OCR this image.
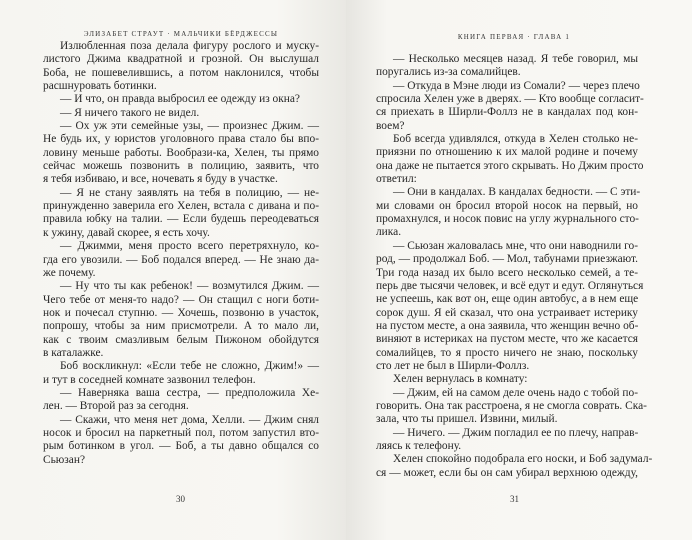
ЭЛИЗАБЕТ СТРАУТ · МАЛЬЧИКИ БЁРДЖЕССЫ
Излюбленная поза делала фигуру рослого и муску-
листого Джима квадратной и грозной. Он выслушал
Боба, не пошевелившись, а потом наклонился, чтобы
расшнуровать ботинки.
— И что, он правда выбросил ее одежду из окна?
— Я ничего такого не видел.
— Ох уж эти семейные узы, — произнес Джим. —
Не будь их, у юристов уголовного права стало бы впо-
ловину меньше работы. Вообрази-ка, Хелен, ты прямо
сейчас можешь позвонить в полицию, заявить, что
я тебя избиваю, и все, ночевать я буду в участке.
— Я не стану заявлять на тебя в полицию, — не-
принужденно заверила его Хелен, встала с дивана и по-
правила юбку на талии. — Если будешь переодеваться
к ужину, давай скорее, я есть хочу.
— Джимми, меня просто всего перетряхнуло, ко-
гда его увозили. — Боб подался вперед. — Не знаю да-
же почему.
— Ну что ты как ребенок! — возмутился Джим. —
Чего тебе от меня-то надо? — Он стащил с ноги боти-
нок и почесал ступню. — Хочешь, позвоню в участок,
попрошу, чтобы за ним присмотрели. А то мало ли,
как с твоим смазливым белым Пижоном обойдутся
в каталажке.
Боб воскликнул: «Если тебе не сложно, Джим!» —
и тут в соседней комнате зазвонил телефон.
— Наверняка ваша сестра, — предположила Хе-
лен. — Второй раз за сегодня.
— Скажи, что меня нет дома, Хелли. — Джим снял
носок и бросил на паркетный пол, потом запустил вто-
рым ботинком в угол. — Боб, а ты давно общался со
Сьюзан?
30
КНИГА ПЕРВАЯ · ГЛАВА 1
— Несколько месяцев назад. Я тебе говорил, мы
поругались из-за сомалийцев.
— Откуда в Мэне люди из Сомали? — через плечо
спросила Хелен уже в дверях. — Кто вообще согласит-
ся приехать в Ширли-Фоллз не в кандалах под кон-
воем?
Боб всегда удивлялся, откуда в Хелен столько не-
приязни по отношению к их малой родине и почему
она даже не пытается этого скрывать. Но Джим просто
ответил:
— Они в кандалах. В кандалах бедности. — С эти-
ми словами он бросил второй носок на первый, но
промахнулся, и носок повис на углу журнального сто-
лика.
— Сьюзан жаловалась мне, что они наводнили го-
род, — продолжал Боб. — Мол, табунами приезжают.
Три года назад их было всего несколько семей, а те-
перь две тысячи человек, и всё едут и едут. Оглянуться
не успеешь, как вот он, еще один автобус, а в нем еще
сорок душ. Я ей сказал, что она устраивает истерику
на пустом месте, а она заявила, что женщин вечно об-
виняют в истериках на пустом месте, что же касается
сомалийцев, то я просто ничего не знаю, поскольку
сто лет не был в Ширли-Фоллз.
Хелен вернулась в комнату:
— Джим, ей на самом деле очень надо с тобой по-
говорить. Она так расстроена, я не смогла соврать. Ска-
зала, что ты пришел. Извини, милый.
— Ничего. — Джим погладил ее по плечу, направ-
ляясь к телефону.
Хелен спокойно подобрала его носки, и Боб задумал-
ся — может, если бы он сам убирал верхнюю одежду,
31
